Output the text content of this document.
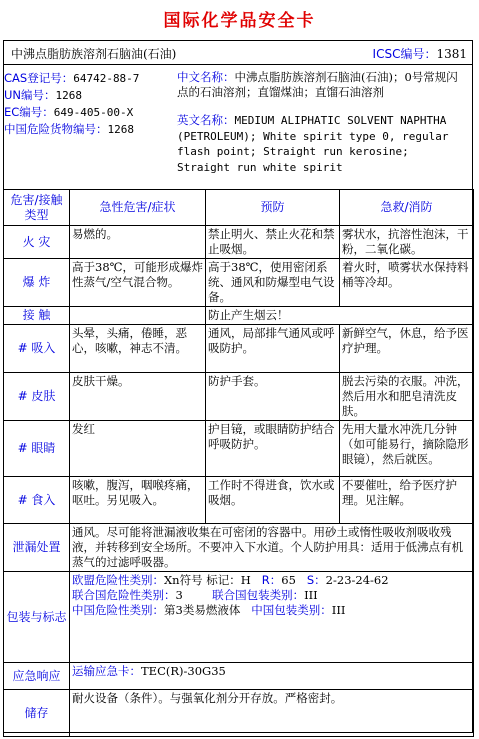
国际化学品安全卡
中沸点脂肪族溶剂石脑油(石油)	ICSC编号：1381
CAS登记号：64742-88-7
UN编号：1268
EC编号：649-405-00-X
中国危险货物编号：1268

中文名称：中沸点脂肪族溶剂石脑油(石油)；0号常规闪点的石油溶剂；直馏煤油；直馏石油溶剂

英文名称：MEDIUM ALIPHATIC SOLVENT NAPHTHA (PETROLEUM); White spirit type 0, regular flash point; Straight run kerosine; Straight run white spirit

危害/接触类型	急性危害/症状	预防	急救/消防
火 灾	易燃的。	禁止明火、禁止火花和禁止吸烟。	雾状水，抗溶性泡沫，干粉，二氧化碳。
爆 炸	高于38℃，可能形成爆炸性蒸气/空气混合物。	高于38℃，使用密闭系统、通风和防爆型电气设备。	着火时，喷雾状水保持料桶等冷却。
接 触		防止产生烟云！	
# 吸入	头晕，头痛，倦睡，恶心，咳嗽，神志不清。	通风，局部排气通风或呼吸防护。	新鲜空气，休息，给予医疗护理。
# 皮肤	皮肤干燥。	防护手套。	脱去污染的衣服。冲洗，然后用水和肥皂清洗皮肤。
# 眼睛	发红	护目镜，或眼睛防护结合呼吸防护。	先用大量水冲洗几分钟（如可能易行，摘除隐形眼镜），然后就医。
# 食入	咳嗽，腹泻，咽喉疼痛，呕吐。另见吸入。	工作时不得进食，饮水或吸烟。	不要催吐，给予医疗护理。见注解。
泄漏处置	通风。尽可能将泄漏液收集在可密闭的容器中。用砂土或惰性吸收剂吸收残液，并转移到安全场所。不要冲入下水道。个人防护用具：适用于低沸点有机蒸气的过滤呼吸器。		
包装与标志	欧盟危险性类别：Xn符号 标记：H R：65 S：2-23-24-62
联合国危险性类别：3 联合国包装类别：III
中国危险性类别：第3类易燃液体 中国包装类别：III		

应急响应	运输应急卡：TEC(R)-30G35		
储存	耐火设备（条件）。与强氧化剂分开存放。严格密封。		
